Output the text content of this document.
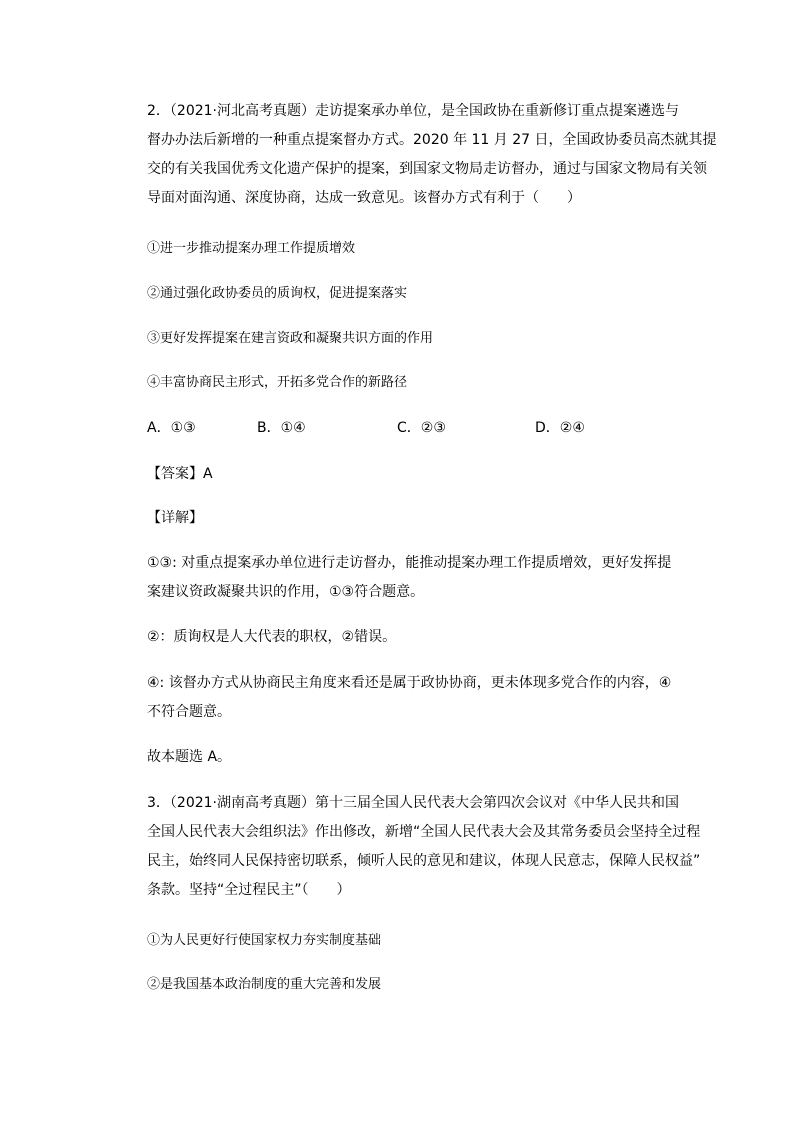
2．（2021·河北高考真题）走访提案承办单位，是全国政协在重新修订重点提案遴选与
督办办法后新增的一种重点提案督办方式。2020 年 11 月 27 日，全国政协委员高杰就其提
交的有关我国优秀文化遗产保护的提案，到国家文物局走访督办，通过与国家文物局有关领
导面对面沟通、深度协商，达成一致意见。该督办方式有利于（　　）

①进一步推动提案办理工作提质增效

②通过强化政协委员的质询权，促进提案落实

③更好发挥提案在建言资政和凝聚共识方面的作用

④丰富协商民主形式，开拓多党合作的新路径

A．①③	B．①④	C．②③	D．②④

【答案】A

【详解】

①③: 对重点提案承办单位进行走访督办，能推动提案办理工作提质增效，更好发挥提
案建议资政凝聚共识的作用，①③符合题意。

②：质询权是人大代表的职权，②错误。

④: 该督办方式从协商民主角度来看还是属于政协协商，更未体现多党合作的内容，④
不符合题意。

故本题选 A。

3．（2021·湖南高考真题）第十三届全国人民代表大会第四次会议对《中华人民共和国
全国人民代表大会组织法》作出修改，新增“全国人民代表大会及其常务委员会坚持全过程
民主，始终同人民保持密切联系，倾听人民的意见和建议，体现人民意志，保障人民权益”
条款。坚持“全过程民主”（　　）

①为人民更好行使国家权力夯实制度基础

②是我国基本政治制度的重大完善和发展
